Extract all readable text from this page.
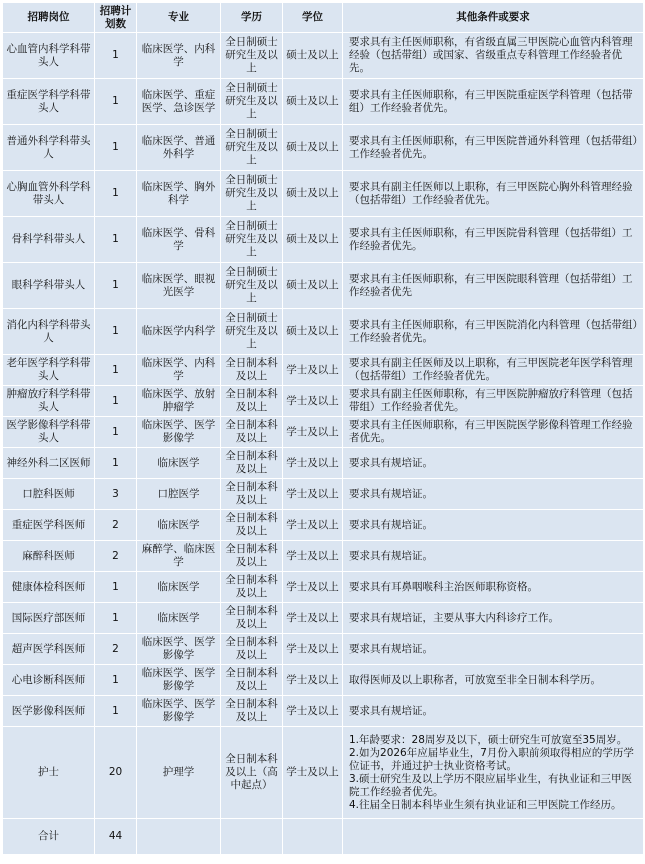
招聘岗位	招聘计划数	专业	学历	学位	其他条件或要求
心血管内科学科带头人	1	临床医学、内科学	全日制硕士研究生及以上	硕士及以上	要求具有主任医师职称，有省级直属三甲医院心血管内科管理经验（包括带组）或国家、省级重点专科管理工作经验者优先。
重症医学科学科带头人	1	临床医学、重症医学、急诊医学	全日制硕士研究生及以上	硕士及以上	要求具有主任医师职称，有三甲医院重症医学科管理（包括带组）工作经验者优先。
普通外科学科带头人	1	临床医学、普通外科学	全日制硕士研究生及以上	硕士及以上	要求具有主任医师职称，有三甲医院普通外科管理（包括带组）工作经验者优先。
心胸血管外科学科带头人	1	临床医学、胸外科学	全日制硕士研究生及以上	硕士及以上	要求具有副主任医师以上职称，有三甲医院心胸外科管理经验（包括带组）工作经验者优先。
骨科学科带头人	1	临床医学、骨科学	全日制硕士研究生及以上	硕士及以上	要求具有主任医师职称，有三甲医院骨科管理（包括带组）工作经验者优先。
眼科学科带头人	1	临床医学、眼视光医学	全日制硕士研究生及以上	硕士及以上	要求具有主任医师职称，有三甲医院眼科管理（包括带组）工作经验者优先
消化内科学科带头人	1	临床医学内科学	全日制硕士研究生及以上	硕士及以上	要求具有主任医师职称，有三甲医院消化内科管理（包括带组）工作经验者优先。
老年医学科学科带头人	1	临床医学、内科学	全日制本科及以上	学士及以上	要求具有副主任医师及以上职称，有三甲医院老年医学科管理（包括带组）工作经验者优先。
肿瘤放疗科学科带头人	1	临床医学、放射肿瘤学	全日制本科及以上	学士及以上	要求具有副主任医师职称，有三甲医院肿瘤放疗科管理（包括带组）工作经验者优先。
医学影像科学科带头人	1	临床医学、医学影像学	全日制本科及以上	学士及以上	要求具有主任医师职称，有三甲医院医学影像科管理工作经验者优先。
神经外科二区医师	1	临床医学	全日制本科及以上	学士及以上	要求具有规培证。
口腔科医师	3	口腔医学	全日制本科及以上	学士及以上	要求具有规培证。
重症医学科医师	2	临床医学	全日制本科及以上	学士及以上	要求具有规培证。
麻醉科医师	2	麻醉学、临床医学	全日制本科及以上	学士及以上	要求具有规培证。
健康体检科医师	1	临床医学	全日制本科及以上	学士及以上	要求具有耳鼻咽喉科主治医师职称资格。
国际医疗部医师	1	临床医学	全日制本科及以上	学士及以上	要求具有规培证，主要从事大内科诊疗工作。
超声医学科医师	2	临床医学、医学影像学	全日制本科及以上	学士及以上	要求具有规培证。
心电诊断科医师	1	临床医学、医学影像学	全日制本科及以上	学士及以上	取得医师及以上职称者，可放宽至非全日制本科学历。
医学影像科医师	1	临床医学、医学影像学	全日制本科及以上	学士及以上	要求具有规培证。
护士	20	护理学	全日制本科及以上（高中起点）	学士及以上	1.年龄要求：28周岁及以下，硕士研究生可放宽至35周岁。
2.如为2026年应届毕业生，7月份入职前须取得相应的学历学位证书，并通过护士执业资格考试。
3.硕士研究生及以上学历不限应届毕业生，有执业证和三甲医院工作经验者优先。
4.往届全日制本科毕业生须有执业证和三甲医院工作经历。

合计	44				
